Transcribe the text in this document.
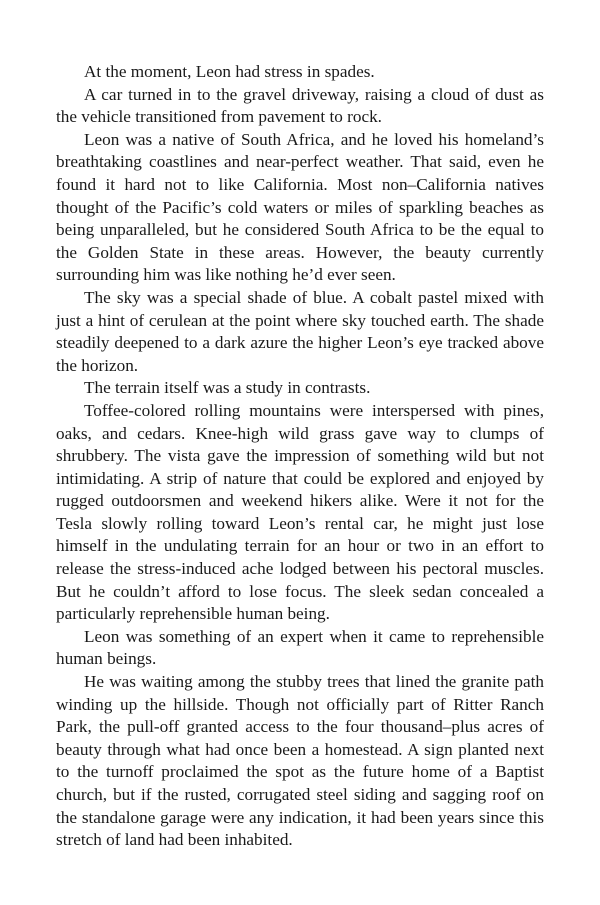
At the moment, Leon had stress in spades.

A car turned in to the gravel driveway, raising a cloud of dust as the vehicle transitioned from pavement to rock.

Leon was a native of South Africa, and he loved his homeland’s breathtaking coastlines and near-perfect weather. That said, even he found it hard not to like California. Most non–California natives thought of the Pacific’s cold waters or miles of sparkling beaches as being unparalleled, but he considered South Africa to be the equal to the Golden State in these areas. However, the beauty currently surrounding him was like nothing he’d ever seen.

The sky was a special shade of blue. A cobalt pastel mixed with just a hint of cerulean at the point where sky touched earth. The shade steadily deepened to a dark azure the higher Leon’s eye tracked above the horizon.

The terrain itself was a study in contrasts.

Toffee-colored rolling mountains were interspersed with pines, oaks, and cedars. Knee-high wild grass gave way to clumps of shrubbery. The vista gave the impression of something wild but not intimidating. A strip of nature that could be explored and enjoyed by rugged outdoorsmen and weekend hikers alike. Were it not for the Tesla slowly rolling toward Leon’s rental car, he might just lose himself in the undulating terrain for an hour or two in an effort to release the stress-induced ache lodged between his pectoral muscles. But he couldn’t afford to lose focus. The sleek sedan concealed a particularly reprehensible human being.

Leon was something of an expert when it came to reprehensible human beings.

He was waiting among the stubby trees that lined the granite path winding up the hillside. Though not officially part of Ritter Ranch Park, the pull-off granted access to the four thousand–plus acres of beauty through what had once been a homestead. A sign planted next to the turnoff proclaimed the spot as the future home of a Baptist church, but if the rusted, corrugated steel siding and sagging roof on the standalone garage were any indication, it had been years since this stretch of land had been inhabited.
